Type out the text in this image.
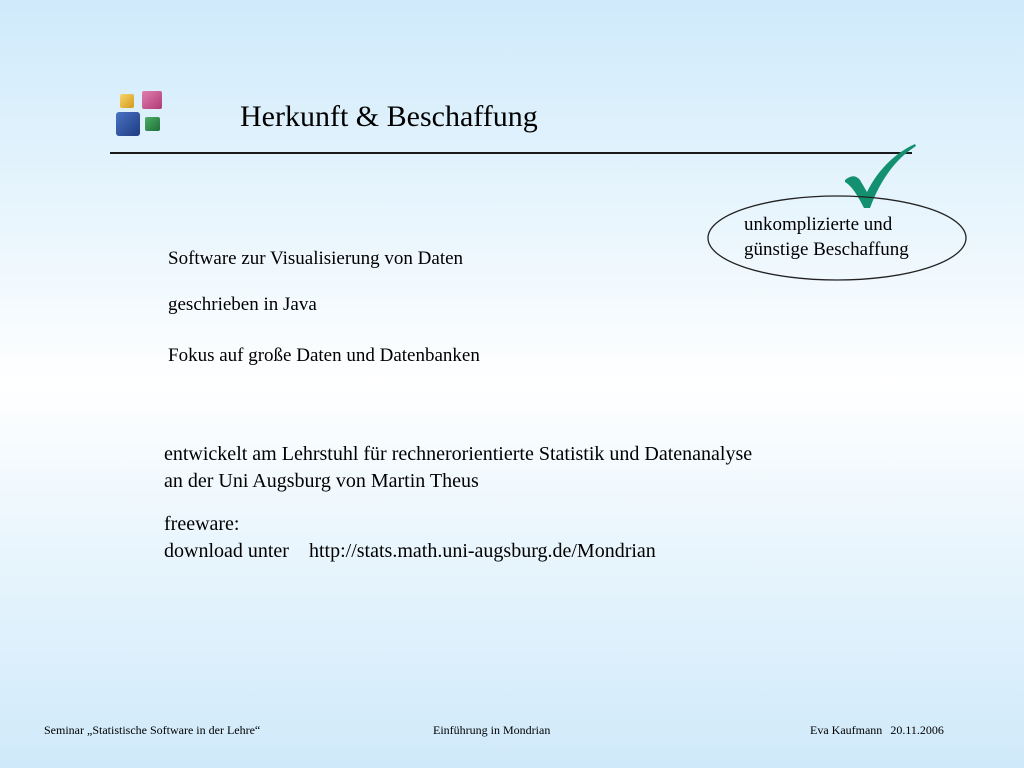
Herkunft & Beschaffung
unkomplizierte und
günstige Beschaffung
Software zur Visualisierung von Daten
geschrieben in Java
Fokus auf große Daten und Datenbanken
entwickelt am Lehrstuhl für rechnerorientierte Statistik und Datenanalyse
an der Uni Augsburg von Martin Theus
freeware:
download unter http://stats.math.uni-augsburg.de/Mondrian
Seminar „Statistische Software in der Lehre“	Einführung in Mondrian	Eva Kaufmann 20.11.2006
